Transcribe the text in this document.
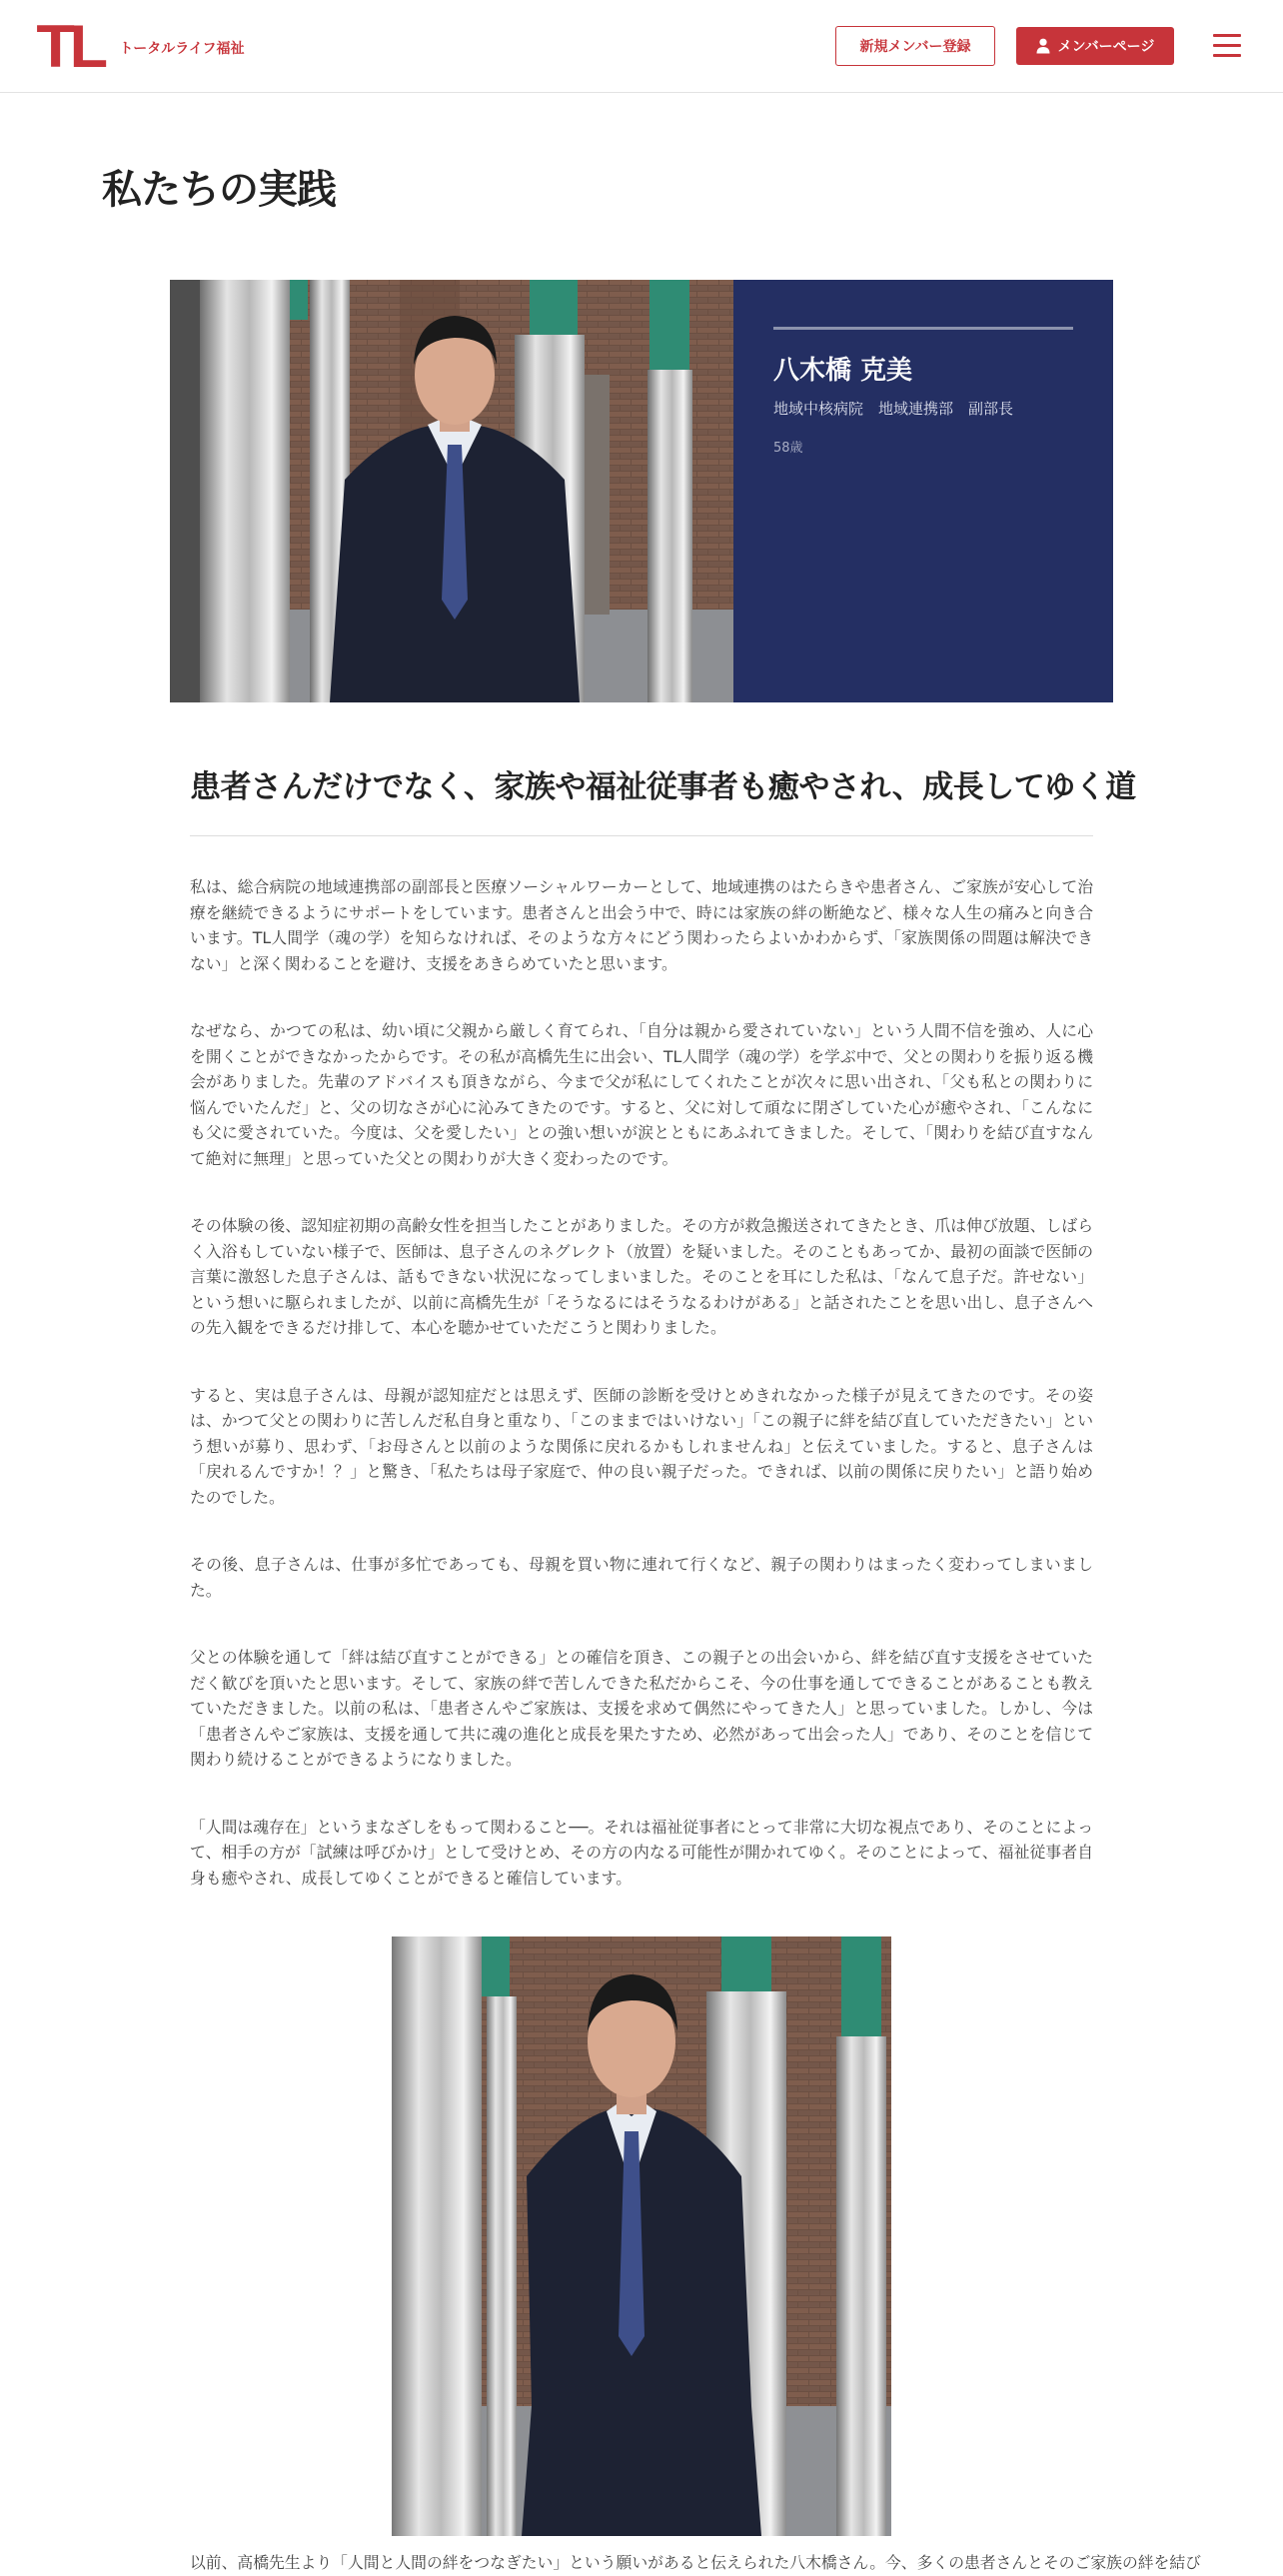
TL トータルライフ福祉	新規メンバー登録	メンバーページ
私たちの実践
八木橋 克美
地域中核病院　地域連携部　副部長
58歳
患者さんだけでなく、家族や福祉従事者も癒やされ、成長してゆく道

私は、総合病院の地域連携部の副部長と医療ソーシャルワーカーとして、地域連携のはたらきや患者さん、ご家族が安心して治療を継続できるようにサポートをしています。患者さんと出会う中で、時には家族の絆の断絶など、様々な人生の痛みと向き合います。TL人間学（魂の学）を知らなければ、そのような方々にどう関わったらよいかわからず、「家族関係の問題は解決できない」と深く関わることを避け、支援をあきらめていたと思います。

なぜなら、かつての私は、幼い頃に父親から厳しく育てられ、「自分は親から愛されていない」という人間不信を強め、人に心を開くことができなかったからです。その私が高橋先生に出会い、TL人間学（魂の学）を学ぶ中で、父との関わりを振り返る機会がありました。先輩のアドバイスも頂きながら、今まで父が私にしてくれたことが次々に思い出され、「父も私との関わりに悩んでいたんだ」と、父の切なさが心に沁みてきたのです。すると、父に対して頑なに閉ざしていた心が癒やされ、「こんなにも父に愛されていた。今度は、父を愛したい」との強い想いが涙とともにあふれてきました。そして、「関わりを結び直すなんて絶対に無理」と思っていた父との関わりが大きく変わったのです。

その体験の後、認知症初期の高齢女性を担当したことがありました。その方が救急搬送されてきたとき、爪は伸び放題、しばらく入浴もしていない様子で、医師は、息子さんのネグレクト（放置）を疑いました。そのこともあってか、最初の面談で医師の言葉に激怒した息子さんは、話もできない状況になってしまいました。そのことを耳にした私は、「なんて息子だ。許せない」という想いに駆られましたが、以前に高橋先生が「そうなるにはそうなるわけがある」と話されたことを思い出し、息子さんへの先入観をできるだけ排して、本心を聴かせていただこうと関わりました。

すると、実は息子さんは、母親が認知症だとは思えず、医師の診断を受けとめきれなかった様子が見えてきたのです。その姿は、かつて父との関わりに苦しんだ私自身と重なり、「このままではいけない」「この親子に絆を結び直していただきたい」という想いが募り、思わず、「お母さんと以前のような関係に戻れるかもしれませんね」と伝えていました。すると、息子さんは「戻れるんですか！？」と驚き、「私たちは母子家庭で、仲の良い親子だった。できれば、以前の関係に戻りたい」と語り始めたのでした。

その後、息子さんは、仕事が多忙であっても、母親を買い物に連れて行くなど、親子の関わりはまったく変わってしまいました。

父との体験を通して「絆は結び直すことができる」との確信を頂き、この親子との出会いから、絆を結び直す支援をさせていただく歓びを頂いたと思います。そして、家族の絆で苦しんできた私だからこそ、今の仕事を通してできることがあることも教えていただきました。以前の私は、「患者さんやご家族は、支援を求めて偶然にやってきた人」と思っていました。しかし、今は「患者さんやご家族は、支援を通して共に魂の進化と成長を果たすため、必然があって出会った人」であり、そのことを信じて関わり続けることができるようになりました。

「人間は魂存在」というまなざしをもって関わること──。それは福祉従事者にとって非常に大切な視点であり、そのことによって、相手の方が「試練は呼びかけ」として受けとめ、その方の内なる可能性が開かれてゆく。そのことによって、福祉従事者自身も癒やされ、成長してゆくことができると確信しています。

以前、高橋先生より「人間と人間の絆をつなぎたい」という願いがあると伝えられた八木橋さん。今、多くの患者さんとそのご家族の絆を結び
